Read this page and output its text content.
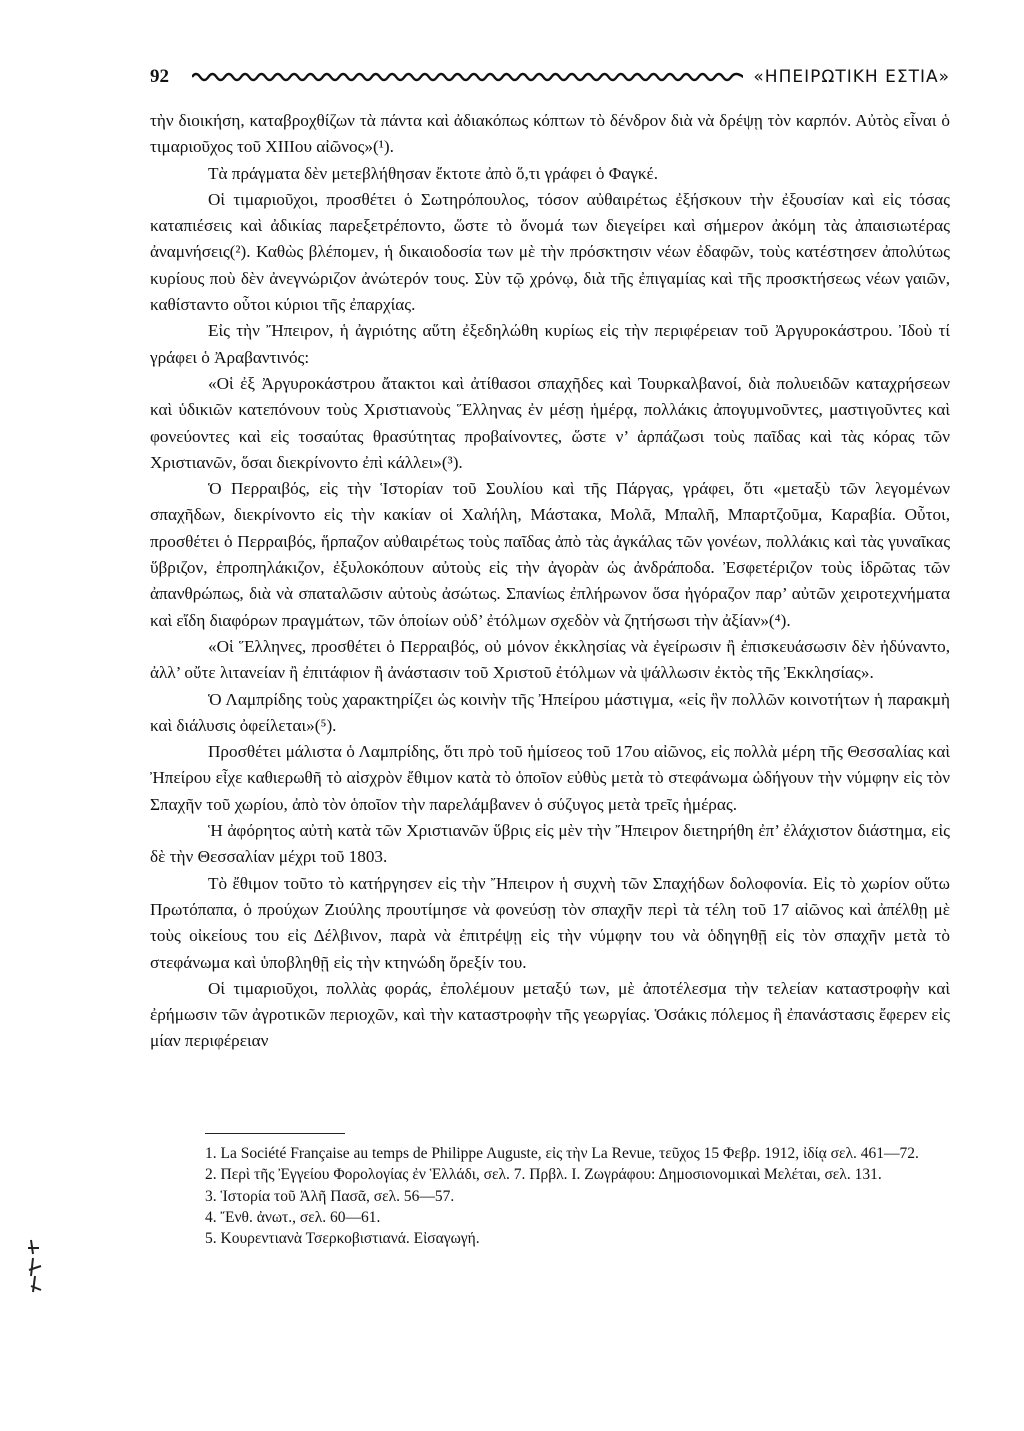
92	«ΗΠΕΙΡΩΤΙΚΗ ΕΣΤΙΑ»

τὴν διοικήση, καταβροχθίζων τὰ πάντα καὶ ἀδιακόπως κόπτων τὸ δένδρον διὰ νὰ δρέψῃ τὸν καρπόν. Αὐτὸς εἶναι ὁ τιμαριοῦχος τοῦ XIIIου αἰῶνος»(¹).

Τὰ πράγματα δὲν μετεβλήθησαν ἔκτοτε ἀπὸ ὅ,τι γράφει ὁ Φαγκέ.

Οἱ τιμαριοῦχοι, προσθέτει ὁ Σωτηρόπουλος, τόσον αὐθαιρέτως ἐξήσκουν τὴν ἐξουσίαν καὶ εἰς τόσας καταπιέσεις καὶ ἀδικίας παρεξετρέποντο, ὥστε τὸ ὄνομά των διεγείρει καὶ σήμερον ἀκόμη τὰς ἀπαισιωτέρας ἀναμνήσεις(²). Καθὼς βλέπομεν, ἡ δικαιοδοσία των μὲ τὴν πρόσκτησιν νέων ἐδαφῶν, τοὺς κατέστησεν ἀπολύτως κυρίους ποὺ δὲν ἀνεγνώριζον ἀνώτερόν τους. Σὺν τῷ χρόνῳ, διὰ τῆς ἐπιγαμίας καὶ τῆς προσκτήσεως νέων γαιῶν, καθίσταντο οὗτοι κύριοι τῆς ἐπαρχίας.

Εἰς τὴν Ἤπειρον, ἡ ἀγριότης αὕτη ἐξεδηλώθη κυρίως εἰς τὴν περιφέρειαν τοῦ Ἀργυροκάστρου. Ἰδοὺ τί γράφει ὁ Ἀραβαντινός:

«Οἱ ἐξ Ἀργυροκάστρου ἄτακτοι καὶ ἀτίθασοι σπαχῆδες καὶ Τουρκαλβανοί, διὰ πολυειδῶν καταχρήσεων καὶ ὑδικιῶν κατεπόνουν τοὺς Χριστιανοὺς Ἕλληνας ἐν μέσῃ ἡμέρᾳ, πολλάκις ἀπογυμνοῦντες, μαστιγοῦντες καὶ φονεύοντες καὶ εἰς τοσαύτας θρασύτητας προβαίνοντες, ὥστε ν’ ἁρπάζωσι τοὺς παῖδας καὶ τὰς κόρας τῶν Χριστιανῶν, ὅσαι διεκρίνοντο ἐπὶ κάλλει»(³).

Ὁ Περραιβός, εἰς τὴν Ἱστορίαν τοῦ Σουλίου καὶ τῆς Πάργας, γράφει, ὅτι «μεταξὺ τῶν λεγομένων σπαχῆδων, διεκρίνοντο εἰς τὴν κακίαν οἱ Χαλήλη, Μάστακα, Μολᾶ, Μπαλῆ, Μπαρτζοῦμα, Καραβία. Οὗτοι, προσθέτει ὁ Περραιβός, ἥρπαζον αὐθαιρέτως τοὺς παῖδας ἀπὸ τὰς ἀγκάλας τῶν γονέων, πολλάκις καὶ τὰς γυναῖκας ὕβριζον, ἐπροπηλάκιζον, ἐξυλοκόπουν αὐτοὺς εἰς τὴν ἀγορὰν ὡς ἀνδράποδα. Ἐσφετέριζον τοὺς ἱδρῶτας τῶν ἀπανθρώπως, διὰ νὰ σπαταλῶσιν αὐτοὺς ἀσώτως. Σπανίως ἐπλήρωνον ὅσα ἠγόραζον παρ’ αὐτῶν χειροτεχνήματα καὶ εἴδη διαφόρων πραγμάτων, τῶν ὁποίων οὐδ’ ἐτόλμων σχεδὸν νὰ ζητήσωσι τὴν ἀξίαν»(⁴).

«Οἱ Ἕλληνες, προσθέτει ὁ Περραιβός, οὐ μόνον ἐκκλησίας νὰ ἐγείρωσιν ἢ ἐπισκευάσωσιν δὲν ἠδύναντο, ἀλλ’ οὔτε λιτανείαν ἢ ἐπιτάφιον ἢ ἀνάστασιν τοῦ Χριστοῦ ἐτόλμων νὰ ψάλλωσιν ἐκτὸς τῆς Ἐκκλησίας».

Ὁ Λαμπρίδης τοὺς χαρακτηρίζει ὡς κοινὴν τῆς Ἠπείρου μάστιγμα, «εἰς ἣν πολλῶν κοινοτήτων ἡ παρακμὴ καὶ διάλυσις ὀφείλεται»(⁵).

Προσθέτει μάλιστα ὁ Λαμπρίδης, ὅτι πρὸ τοῦ ἡμίσεος τοῦ 17ου αἰῶνος, εἰς πολλὰ μέρη τῆς Θεσσαλίας καὶ Ἠπείρου εἶχε καθιερωθῆ τὸ αἰσχρὸν ἔθιμον κατὰ τὸ ὁποῖον εὐθὺς μετὰ τὸ στεφάνωμα ὡδήγουν τὴν νύμφην εἰς τὸν Σπαχῆν τοῦ χωρίου, ἀπὸ τὸν ὁποῖον τὴν παρελάμβανεν ὁ σύζυγος μετὰ τρεῖς ἡμέρας.

Ἡ ἀφόρητος αὐτὴ κατὰ τῶν Χριστιανῶν ὕβρις εἰς μὲν τὴν Ἤπειρον διετηρήθη ἐπ’ ἐλάχιστον διάστημα, εἰς δὲ τὴν Θεσσαλίαν μέχρι τοῦ 1803.

Τὸ ἔθιμον τοῦτο τὸ κατήργησεν εἰς τὴν Ἤπειρον ἡ συχνὴ τῶν Σπαχήδων δολοφονία. Εἰς τὸ χωρίον οὕτω Πρωτόπαπα, ὁ προύχων Ζιούλης προυτίμησε νὰ φονεύσῃ τὸν σπαχῆν περὶ τὰ τέλη τοῦ 17 αἰῶνος καὶ ἀπέλθῃ μὲ τοὺς οἰκείους του εἰς Δέλβινον, παρὰ νὰ ἐπιτρέψῃ εἰς τὴν νύμφην του νὰ ὁδηγηθῇ εἰς τὸν σπαχῆν μετὰ τὸ στεφάνωμα καὶ ὑποβληθῇ εἰς τὴν κτηνώδη ὄρεξίν του.

Οἱ τιμαριοῦχοι, πολλὰς φοράς, ἐπολέμουν μεταξύ των, μὲ ἀποτέλεσμα τὴν τελείαν καταστροφὴν καὶ ἐρήμωσιν τῶν ἀγροτικῶν περιοχῶν, καὶ τὴν καταστροφὴν τῆς γεωργίας. Ὁσάκις πόλεμος ἢ ἐπανάστασις ἔφερεν εἰς μίαν περιφέρειαν

1. La Société Française au temps de Philippe Auguste, εἰς τὴν La Revue, τεῦχος 15 Φεβρ. 1912, ἰδίᾳ σελ. 461—72.

2. Περὶ τῆς Ἐγγείου Φορολογίας ἐν Ἑλλάδι, σελ. 7. Πρβλ. Ι. Ζωγράφου: Δημοσιονομικαὶ Μελέται, σελ. 131.

3. Ἱστορία τοῦ Ἀλῆ Πασᾶ, σελ. 56—57.

4. Ἔνθ. ἀνωτ., σελ. 60—61.

5. Κουρεντιανὰ Τσερκοβιστιανά. Εἰσαγωγή.
